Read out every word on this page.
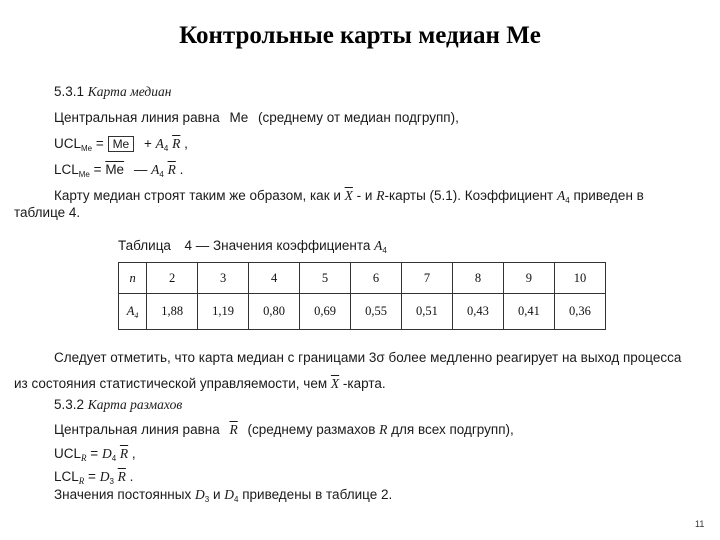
Контрольные карты медиан Me
5.3.1 Карта медиан
Центральная линия равна Me (среднему от медиан подгрупп),
$UCL_{Me} = Me + A_4$ $\overline{R}$ ,
$LCL_{Me} = \overline{Me}$ — $A_4$ $\overline{R}$ .
Карту медиан строят таким же образом, как и $\overline{X}$ - и R-карты (5.1). Коэффициент $A_4$ приведен в
таблице 4.
Таблица 4 — Значения коэффициента $A_4$
n	2	3	4	5	6	7	8	9	10
$A_4$	1,88	1,19	0,80	0,69	0,55	0,51	0,43	0,41	0,36
Следует отметить, что карта медиан с границами 3σ более медленно реагирует на выход процесса
из состояния статистической управляемости, чем $\overline{X}$ -карта.
5.3.2 Карта размахов
Центральная линия равна $\overline{R}$ (среднему размахов R для всех подгрупп),
$UCL_R = D_4$ $\overline{R}$ ,
$LCL_R = D_3$ $\overline{R}$ .
Значения постоянных $D_3$ и $D_4$ приведены в таблице 2.
11
